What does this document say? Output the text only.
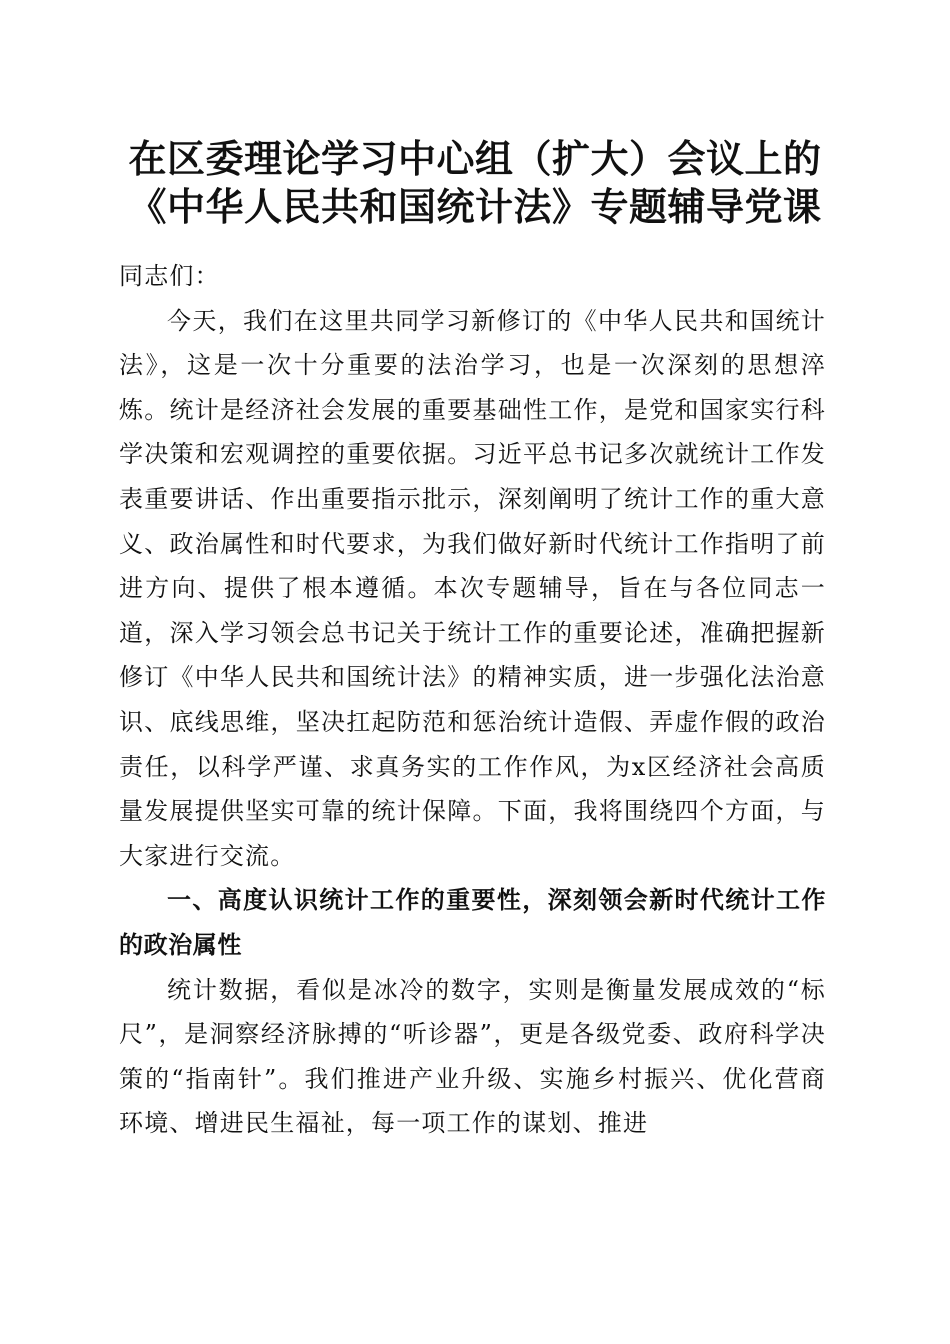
在区委理论学习中心组（扩大）会议上的《中华人民共和国统计法》专题辅导党课

同志们：

今天，我们在这里共同学习新修订的《中华人民共和国统计法》，这是一次十分重要的法治学习，也是一次深刻的思想淬炼。统计是经济社会发展的重要基础性工作，是党和国家实行科学决策和宏观调控的重要依据。习近平总书记多次就统计工作发表重要讲话、作出重要指示批示，深刻阐明了统计工作的重大意义、政治属性和时代要求，为我们做好新时代统计工作指明了前进方向、提供了根本遵循。本次专题辅导，旨在与各位同志一道，深入学习领会总书记关于统计工作的重要论述，准确把握新修订《中华人民共和国统计法》的精神实质，进一步强化法治意识、底线思维，坚决扛起防范和惩治统计造假、弄虚作假的政治责任，以科学严谨、求真务实的工作作风，为x区经济社会高质量发展提供坚实可靠的统计保障。下面，我将围绕四个方面，与大家进行交流。

一、高度认识统计工作的重要性，深刻领会新时代统计工作的政治属性

统计数据，看似是冰冷的数字，实则是衡量发展成效的“标尺”，是洞察经济脉搏的“听诊器”，更是各级党委、政府科学决策的“指南针”。我们推进产业升级、实施乡村振兴、优化营商环境、增进民生福祉，每一项工作的谋划、推进
